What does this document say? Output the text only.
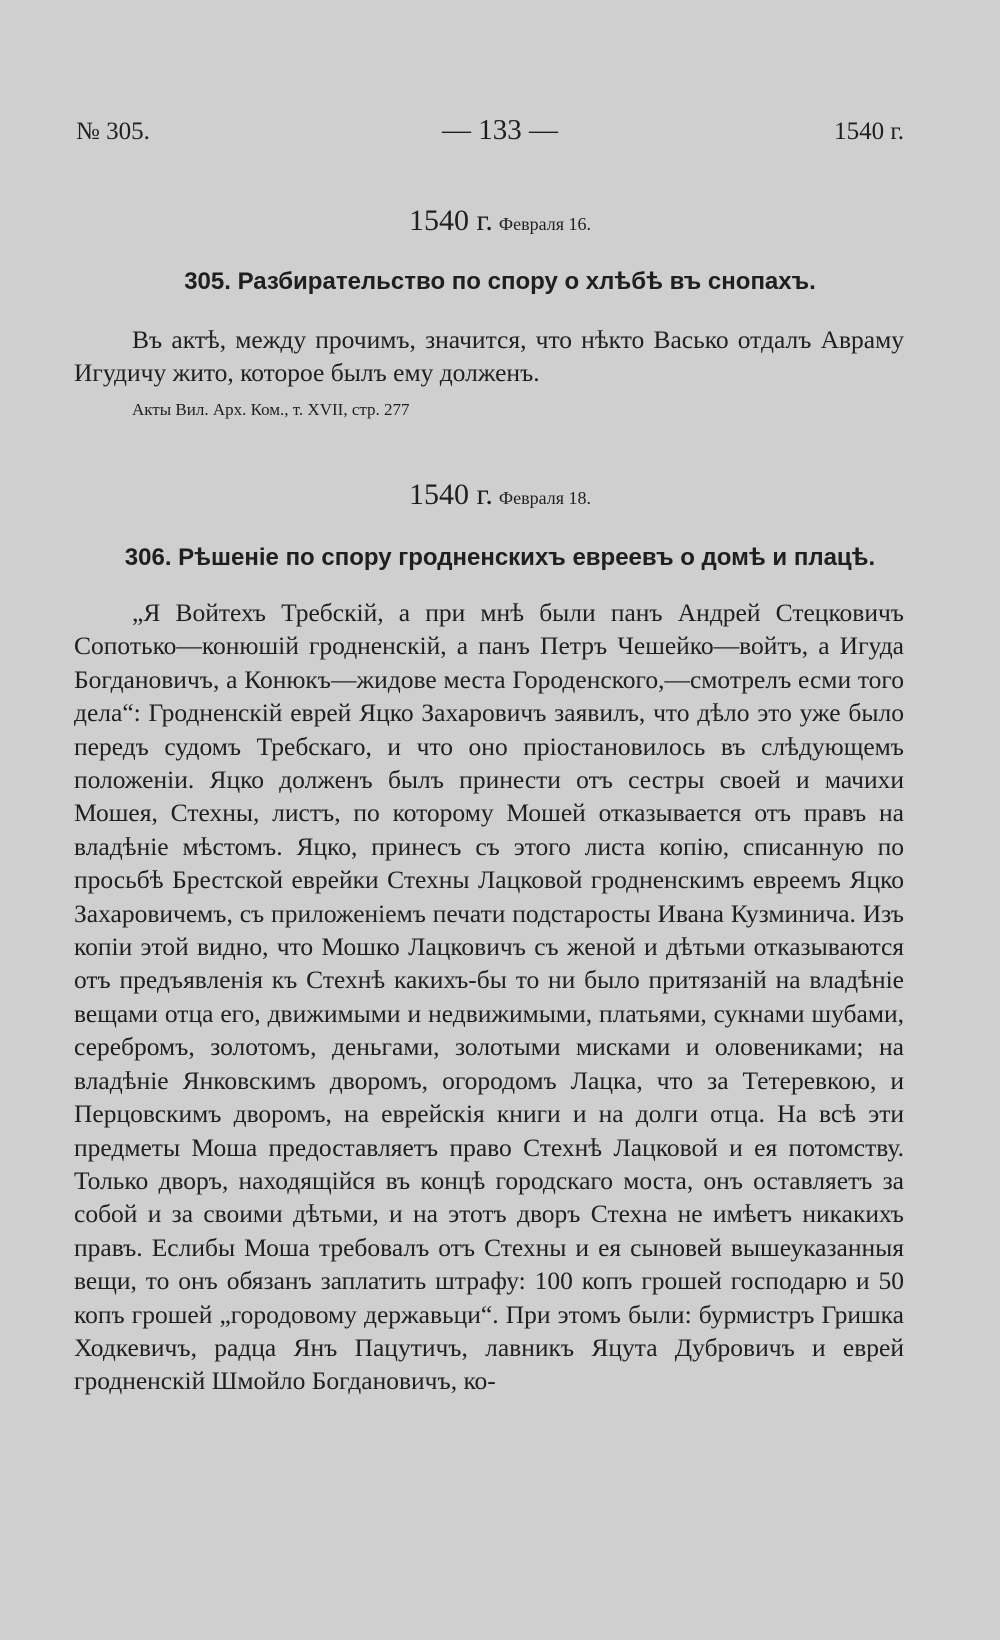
№ 305.	— 133 —	1540 г.
1540 г. Февраля 16.
305. Разбирательство по спору о хлѣбѣ въ снопахъ.

Въ актѣ, между прочимъ, значится, что нѣкто Васько отдалъ Авраму Игудичу жито, которое былъ ему долженъ.

Акты Вил. Арх. Ком., т. XVII, стр. 277
1540 г. Февраля 18.
306. Рѣшеніе по спору гродненскихъ евреевъ о домѣ и плацѣ.

„Я Войтехъ Требскій, а при мнѣ были панъ Андрей Стецковичъ Сопотько—конюшій гродненскій, а панъ Петръ Чешейко—войтъ, а Игуда Богдановичъ, а Конюкъ—жидове места Городенского,—смотрелъ есми того дела“: Гродненскій еврей Яцко Захаровичъ заявилъ, что дѣло это уже было передъ судомъ Требскаго, и что оно пріостановилось въ слѣдующемъ положеніи. Яцко долженъ былъ принести отъ сестры своей и мачихи Мошея, Стехны, листъ, по которому Мошей отказывается отъ правъ на владѣніе мѣстомъ. Яцко, принесъ съ этого листа копію, списанную по просьбѣ Брестской еврейки Стехны Лацковой гродненскимъ евреемъ Яцко Захаровичемъ, съ приложеніемъ печати подстаросты Ивана Кузминича. Изъ копіи этой видно, что Мошко Лацковичъ съ женой и дѣтьми отказываются отъ предъявленія къ Стехнѣ какихъ-бы то ни было притязаній на владѣніе вещами отца его, движимыми и недвижимыми, платьями, сукнами шубами, серебромъ, золотомъ, деньгами, золотыми мисками и оловениками; на владѣніе Янковскимъ дворомъ, огородомъ Лацка, что за Тетеревкою, и Перцовскимъ дворомъ, на еврейскія книги и на долги отца. На всѣ эти предметы Моша предоставляетъ право Стехнѣ Лацковой и ея потомству. Только дворъ, находящійся въ концѣ городскаго моста, онъ оставляетъ за собой и за своими дѣтьми, и на этотъ дворъ Стехна не имѣетъ никакихъ правъ. Еслибы Моша требовалъ отъ Стехны и ея сыновей вышеуказанныя вещи, то онъ обязанъ заплатить штрафу: 100 копъ грошей господарю и 50 копъ грошей „городовому державьци“. При этомъ были: бурмистръ Гришка Ходкевичъ, радца Янъ Пацутичъ, лавникъ Яцута Дубровичъ и еврей гродненскій Шмойло Богдановичъ, ко-
